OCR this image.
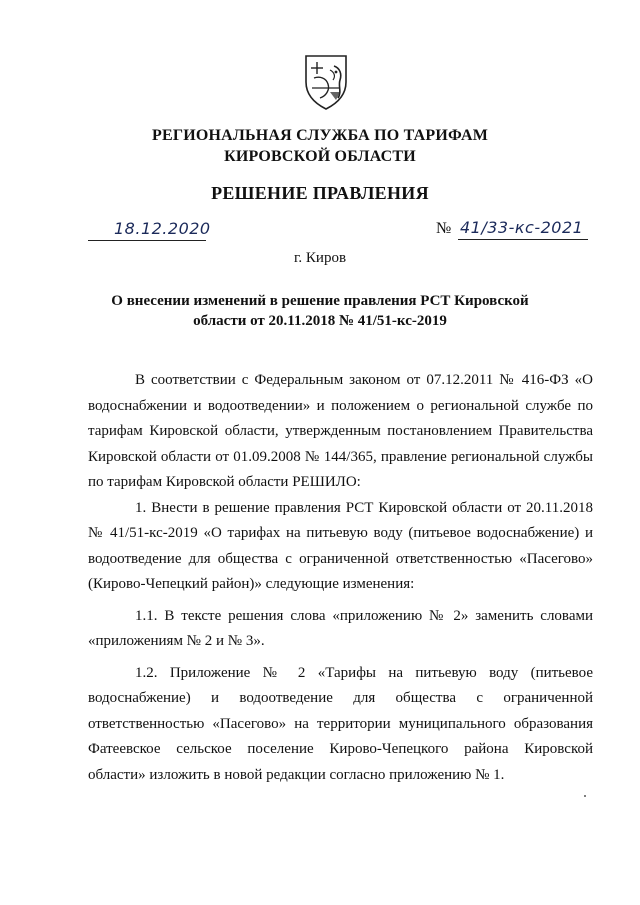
РЕГИОНАЛЬНАЯ СЛУЖБА ПО ТАРИФАМ
КИРОВСКОЙ ОБЛАСТИ
РЕШЕНИЕ ПРАВЛЕНИЯ
18.12.2020	№ 41/33-кс-2021
г. Киров
О внесении изменений в решение правления РСТ Кировской
области от 20.11.2018 № 41/51-кс-2019

В соответствии с Федеральным законом от 07.12.2011 № 416-ФЗ «О водоснабжении и водоотведении» и положением о региональной службе по тарифам Кировской области, утвержденным постановлением Правительства Кировской области от 01.09.2008 № 144/365, правление региональной службы по тарифам Кировской области РЕШИЛО:

1. Внести в решение правления РСТ Кировской области от 20.11.2018 № 41/51-кс-2019 «О тарифах на питьевую воду (питьевое водоснабжение) и водоотведение для общества с ограниченной ответственностью «Пасегово» (Кирово-Чепецкий район)» следующие изменения:

1.1. В тексте решения слова «приложению № 2» заменить словами «приложениям № 2 и № 3».

1.2. Приложение № 2 «Тарифы на питьевую воду (питьевое водоснабжение) и водоотведение для общества с ограниченной ответственностью «Пасегово» на территории муниципального образования Фатеевское сельское поселение Кирово-Чепецкого района Кировской области» изложить в новой редакции согласно приложению № 1.
